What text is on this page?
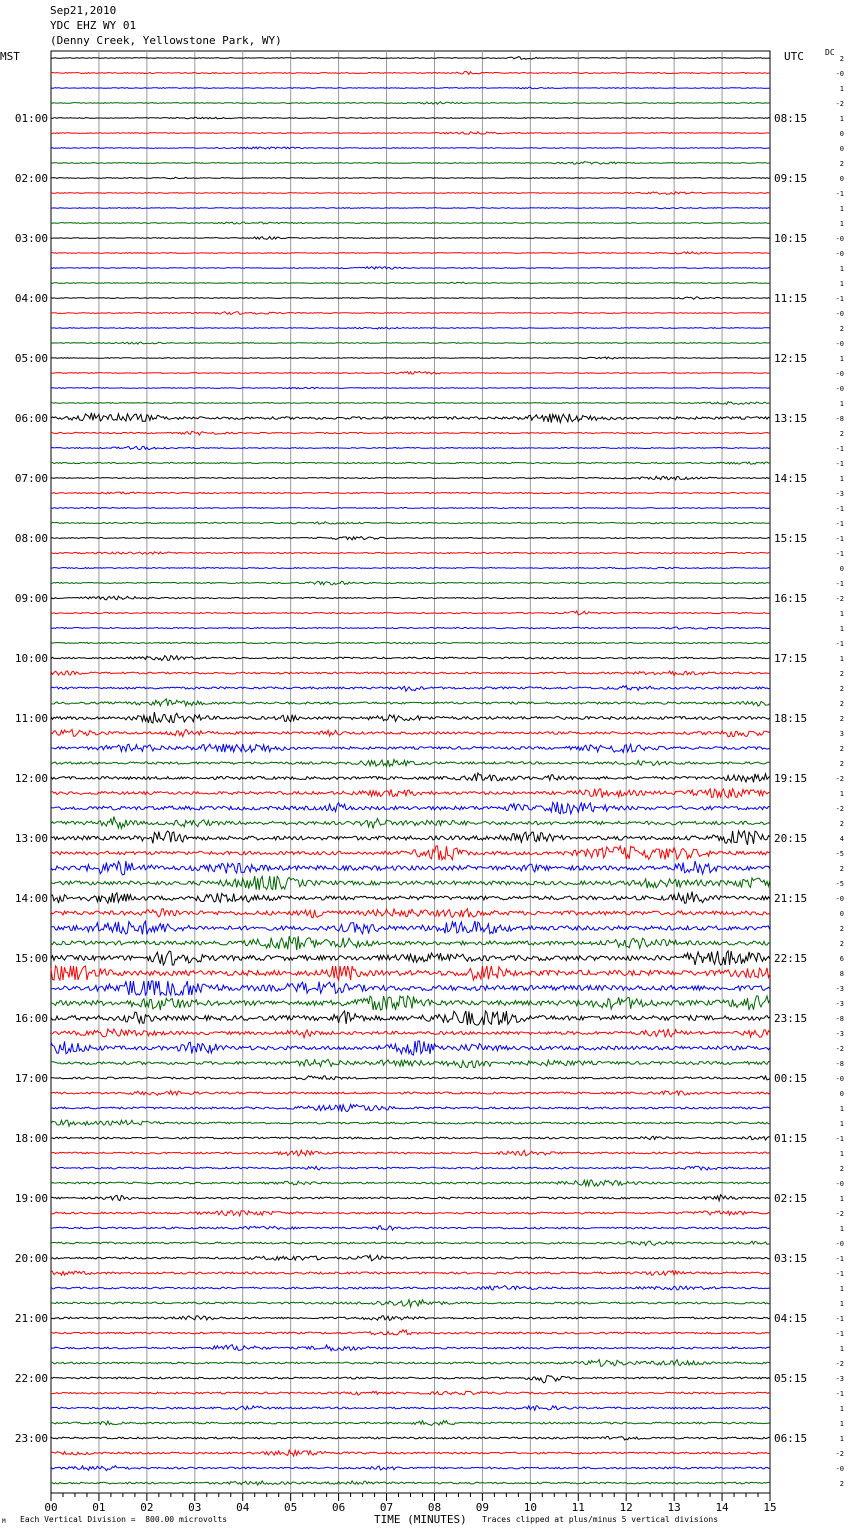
Sep21,2010
YDC EHZ WY 01
(Denny Creek, Yellowstone Park, WY)
MST	UTC	DC
00	01	02	03	04	05	06	07	08	09	10	11	12	13	14	15
2
-0
1
-2
1
0
0
2
0
-1
1
1
-0
-0
1
1
-1
-0
2
-0
1
-0
-0
1
-8
2
-1
-1
1
-3
-1
-1
-1
-1
0
-1
-2
1
1
-1
1
2
2
2
2
3
2
2
-2
1
-2
2
4
-5
2
-5
-0
0
2
2
6
8
-3
-3
-8
-3
-2
-8
-0
0
1
1
-1
1
2
-0
1
-2
1
-0
-1
-1
1
1
-1
-1
1
-2
-3
-1
1
1
1
-2
-0
2
01:00	08:15
02:00	09:15
03:00	10:15
04:00	11:15
05:00	12:15
06:00	13:15
07:00	14:15
08:00	15:15
09:00	16:15
10:00	17:15
11:00	18:15
12:00	19:15
13:00	20:15
14:00	21:15
15:00	22:15
16:00	23:15
17:00	00:15
18:00	01:15
19:00	02:15
20:00	03:15
21:00	04:15
22:00	05:15
23:00	06:15
M Each Vertical Division =  800.00 microvolts	TIME (MINUTES) Traces clipped at plus/minus 5 vertical divisions
